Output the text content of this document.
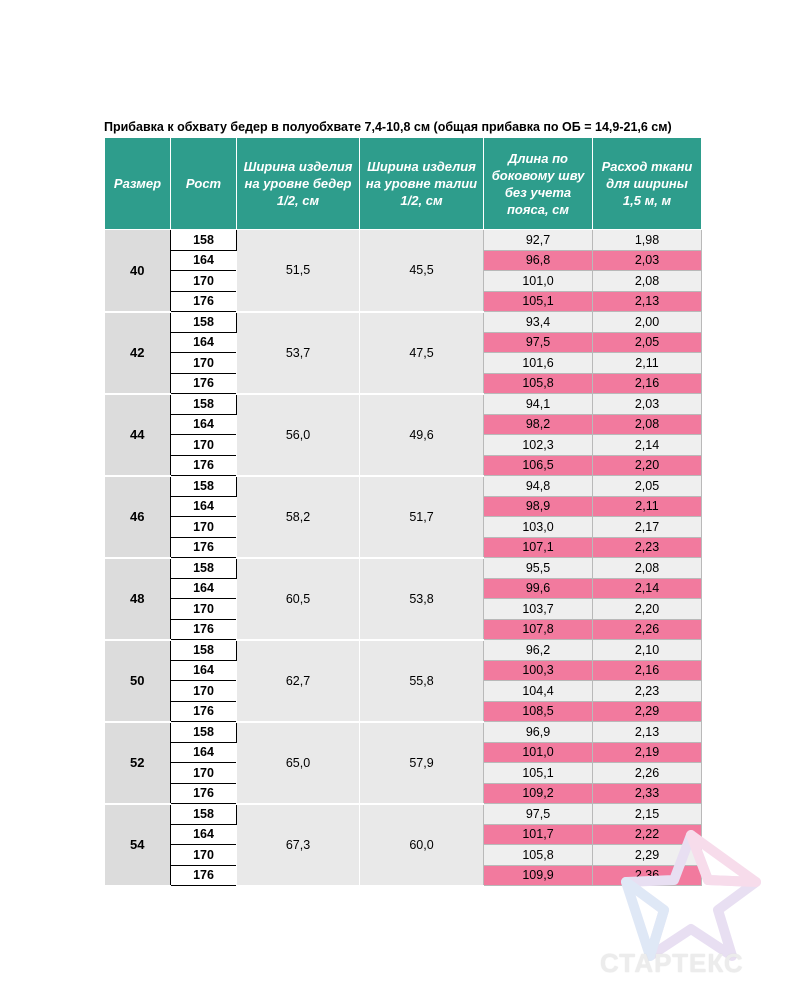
Прибавка к обхвату бедер в полуобхвате 7,4-10,8 см (общая прибавка по ОБ = 14,9-21,6 см)
Размер	Рост	Ширина изделия на уровне бедер 1/2, см	Ширина изделия на уровне талии 1/2, см	Длина по боковому шву без учета пояса, см	Расход ткани для ширины 1,5 м, м
40	158	51,5	45,5	92,7	1,98
	164			96,8	2,03
	170			101,0	2,08
	176			105,1	2,13
42	158	53,7	47,5	93,4	2,00
	164			97,5	2,05
	170			101,6	2,11
	176			105,8	2,16
44	158	56,0	49,6	94,1	2,03
	164			98,2	2,08
	170			102,3	2,14
	176			106,5	2,20
46	158	58,2	51,7	94,8	2,05
	164			98,9	2,11
	170			103,0	2,17
	176			107,1	2,23
48	158	60,5	53,8	95,5	2,08
	164			99,6	2,14
	170			103,7	2,20
	176			107,8	2,26
50	158	62,7	55,8	96,2	2,10
	164			100,3	2,16
	170			104,4	2,23
	176			108,5	2,29
52	158	65,0	57,9	96,9	2,13
	164			101,0	2,19
	170			105,1	2,26
	176			109,2	2,33
54	158	67,3	60,0	97,5	2,15
	164			101,7	2,22
	170			105,8	2,29
	176			109,9	2,36
СТАРТЕКС
